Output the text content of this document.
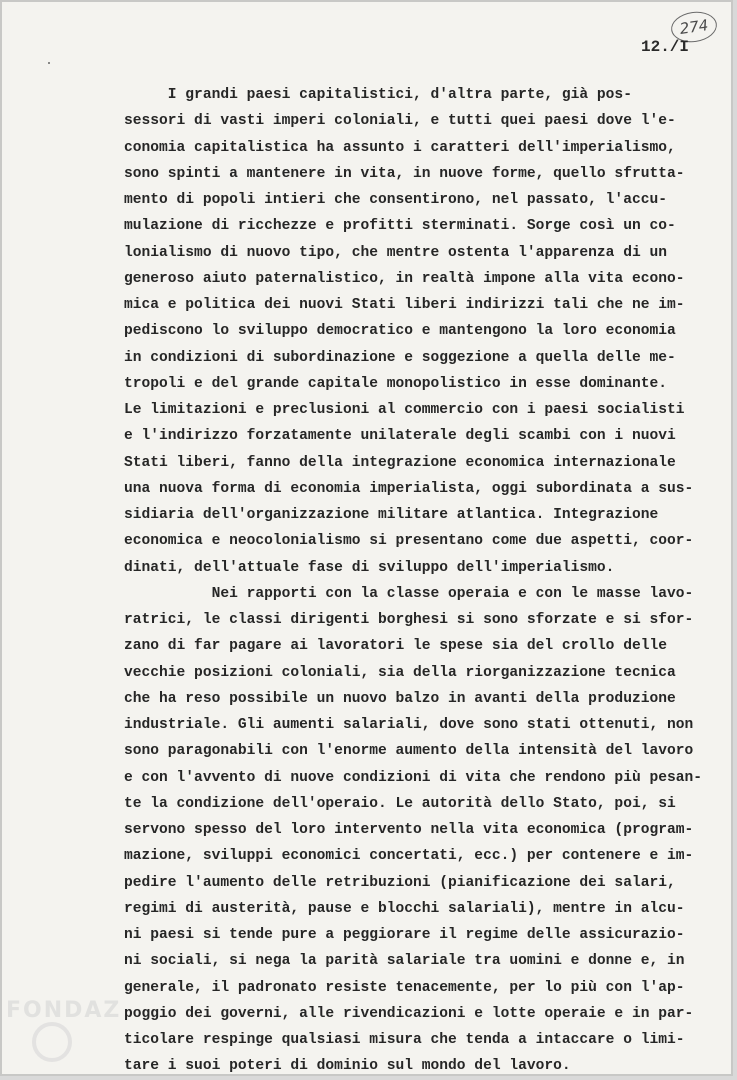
274
12./I
I grandi paesi capitalistici, d'altra parte, già pos-
sessori di vasti imperi coloniali, e tutti quei paesi dove l'e-
conomia capitalistica ha assunto i caratteri dell'imperialismo,
sono spinti a mantenere in vita, in nuove forme, quello sfrutta-
mento di popoli intieri che consentirono, nel passato, l'accu-
mulazione di ricchezze e profitti sterminati. Sorge così un co-
lonialismo di nuovo tipo, che mentre ostenta l'apparenza di un
generoso aiuto paternalistico, in realtà impone alla vita econo-
mica e politica dei nuovi Stati liberi indirizzi tali che ne im-
pediscono lo sviluppo democratico e mantengono la loro economia
in condizioni di subordinazione e soggezione a quella delle me-
tropoli e del grande capitale monopolistico in esse dominante.
Le limitazioni e preclusioni al commercio con i paesi socialisti
e l'indirizzo forzatamente unilaterale degli scambi con i nuovi
Stati liberi, fanno della integrazione economica internazionale
una nuova forma di economia imperialista, oggi subordinata a sus-
sidiaria dell'organizzazione militare atlantica. Integrazione
economica e neocolonialismo si presentano come due aspetti, coor-
dinati, dell'attuale fase di sviluppo dell'imperialismo.
Nei rapporti con la classe operaia e con le masse lavo-
ratrici, le classi dirigenti borghesi si sono sforzate e si sfor-
zano di far pagare ai lavoratori le spese sia del crollo delle
vecchie posizioni coloniali, sia della riorganizzazione tecnica
che ha reso possibile un nuovo balzo in avanti della produzione
industriale. Gli aumenti salariali, dove sono stati ottenuti, non
sono paragonabili con l'enorme aumento della intensità del lavoro
e con l'avvento di nuove condizioni di vita che rendono più pesan-
te la condizione dell'operaio. Le autorità dello Stato, poi, si
servono spesso del loro intervento nella vita economica (program-
mazione, sviluppi economici concertati, ecc.) per contenere e im-
pedire l'aumento delle retribuzioni (pianificazione dei salari,
regimi di austerità, pause e blocchi salariali), mentre in alcu-
ni paesi si tende pure a peggiorare il regime delle assicurazio-
ni sociali, si nega la parità salariale tra uomini e donne e, in
generale, il padronato resiste tenacemente, per lo più con l'ap-
poggio dei governi, alle rivendicazioni e lotte operaie e in par-
ticolare respinge qualsiasi misura che tenda a intaccare o limi-
tare i suoi poteri di dominio sul mondo del lavoro.
FONDAZ
